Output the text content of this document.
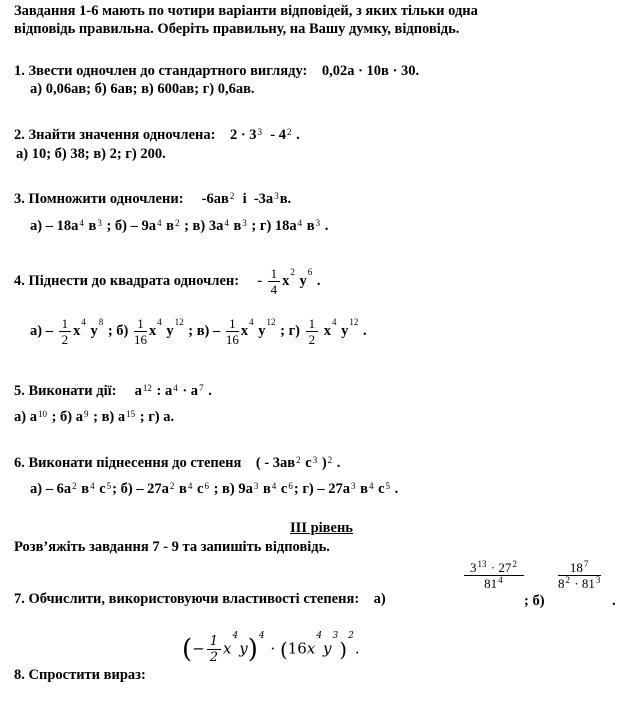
Завдання 1-6 мають по чотири варіанти відповідей, з яких тільки одна
відповідь правильна. Оберіть правильну, на Вашу думку, відповідь.
1. Звести одночлен до стандартного вигляду: 0,02а · 10в · 30.
а) 0,06ав; б) 6ав; в) 600ав; г) 0,6ав.
2. Знайти значення одночлена: $2 \cdot 3^3 - 4^2$ .
а) 10; б) 38; в) 2; г) 200.
3. Помножити одночлени: $-6ав^2$  і  $-3а^3в$.
$а) - 18а^4$ $в^3$ ; $б) - 9а^4$ $в^2$ ; в) $3а^4$ $в^3$ ; г) $18а^4$ $в^3$ .
4. Піднести до квадрата одночлен: - $\frac{1}{4} x^2$ $y^6$ .
$а) - \frac{1}{2} x^4$ $y^8$ ; $б) \frac{1}{16} x^4$ $y^{12}$ ; $в) - \frac{1}{16} x^4$ $y^{12}$ ; $г) \frac{1}{2} x^4$ $y^{12}$ .
5. Виконати дії: $а^{12}$ : $а^4 \cdot а^7$ .
а) $а^{10}$ ; б) $а^9$ ; в) $а^{15}$ ; г) а.
6. Виконати піднесення до степеня ( - $3ав^2$ $с^3$ )$^2$ .
$а) - 6а^2$ $в^4$ $с^5$; $б) - 27а^2$ $в^4$ $с^6$ ; в) $9а^3$ $в^4$ $с^6$; $г) - 27а^3$ $в^4$ $с^5$ .
ІІІ рівень
Розв’яжіть завдання 7 - 9 та запишіть відповідь.
7. Обчислити, використовуючи властивості степеня: а)
$\frac{3^{13} \cdot 27^2}{81^4}$
; б)
$\frac{18^7}{8^2 \cdot 81^3}$
.
8. Спростити вираз:
(− $\frac{1}{2} x^4y)^4 \cdot (16x^4y^3)^2$.
